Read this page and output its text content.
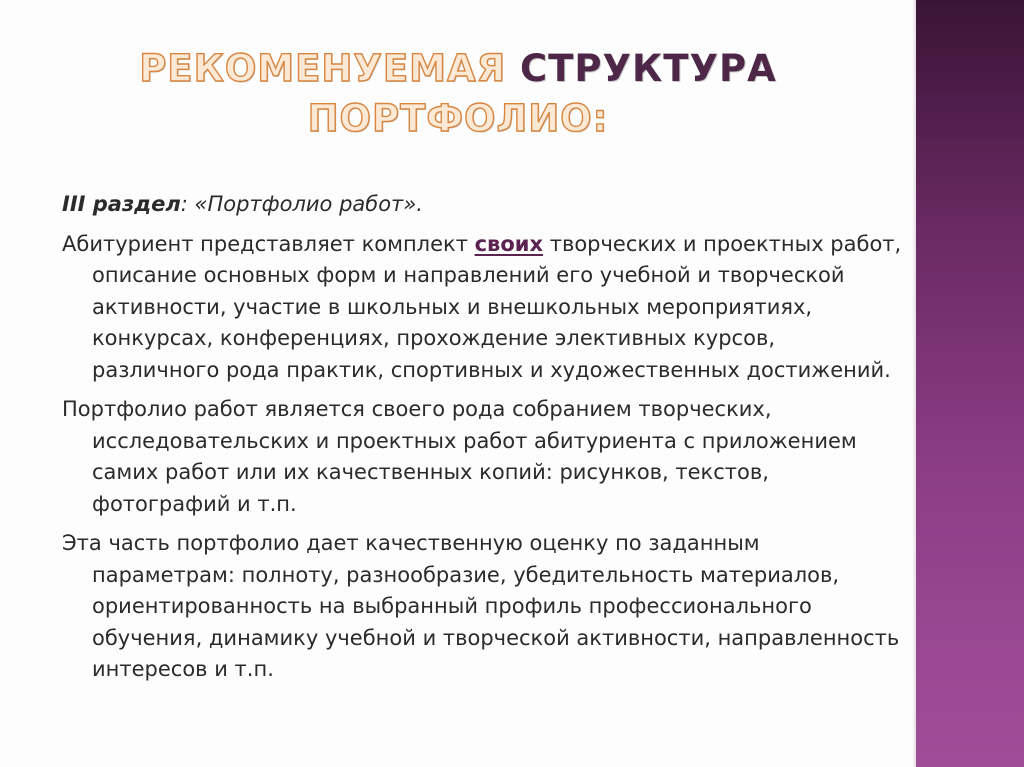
РЕКОМЕНУЕМАЯ СТРУКТУРА
ПОРТФОЛИО:

III раздел: «Портфолио работ».

Абитуриент представляет комплект своих творческих и проектных работ, описание основных форм и направлений его учебной и творческой активности, участие в школьных и внешкольных мероприятиях, конкурсах, конференциях, прохождение элективных курсов, различного рода практик, спортивных и художественных достижений.

Портфолио работ является своего рода собранием творческих, исследовательских и проектных работ абитуриента с приложением самих работ или их качественных копий: рисунков, текстов, фотографий и т.п.

Эта часть портфолио дает качественную оценку по заданным параметрам: полноту, разнообразие, убедительность материалов, ориентированность на выбранный профиль профессионального обучения, динамику учебной и творческой активности, направленность интересов и т.п.
